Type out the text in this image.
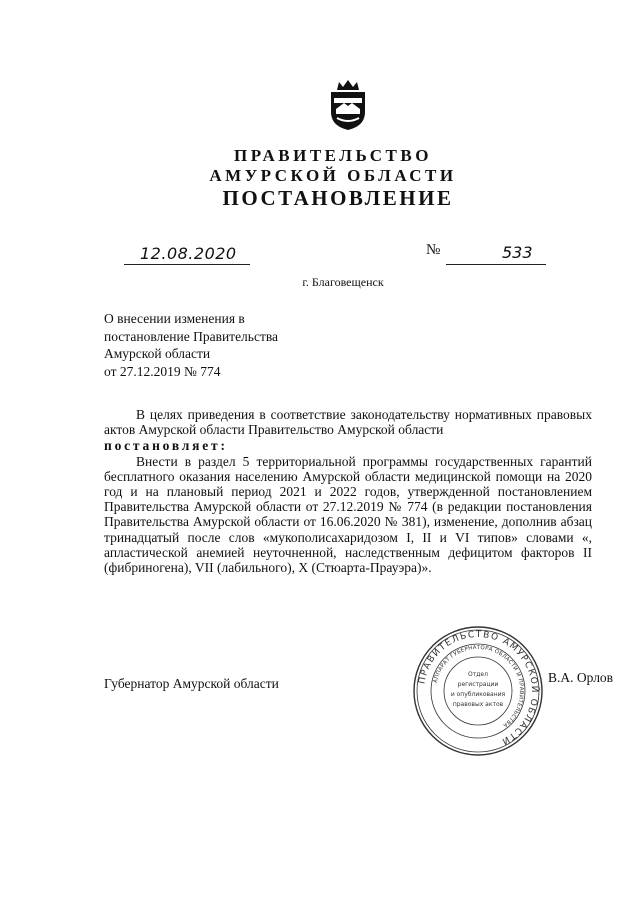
ПРАВИТЕЛЬСТВО
АМУРСКОЙ ОБЛАСТИ
ПОСТАНОВЛЕНИЕ
12.08.2020	№	533
г. Благовещенск
О внесении изменения в
постановление Правительства
Амурской области
от 27.12.2019 № 774

В целях приведения в соответствие законодательству нормативных правовых актов Амурской области Правительство Амурской области

постановляет:

Внести в раздел 5 территориальной программы государственных гарантий бесплатного оказания населению Амурской области медицинской помощи на 2020 год и на плановый период 2021 и 2022 годов, утвержденной постановлением Правительства Амурской области от 27.12.2019 № 774 (в редакции постановления Правительства Амурской области от 16.06.2020 № 381), изменение, дополнив абзац тринадцатый после слов «мукополисахаридозом I, II и VI типов» словами «, апластической анемией неуточненной, наследственным дефицитом факторов II (фибриногена), VII (лабильного), X (Стюарта-Прауэра)».

Губернатор Амурской области	В.А. Орлов
ПРАВИТЕЛЬСТВО АМУРСКОЙ ОБЛАСТИ
АППАРАТ ГУБЕРНАТОРА ОБЛАСТИ И ПРАВИТЕЛЬСТВА
Отдел
регистрации
и опубликования
правовых актов
